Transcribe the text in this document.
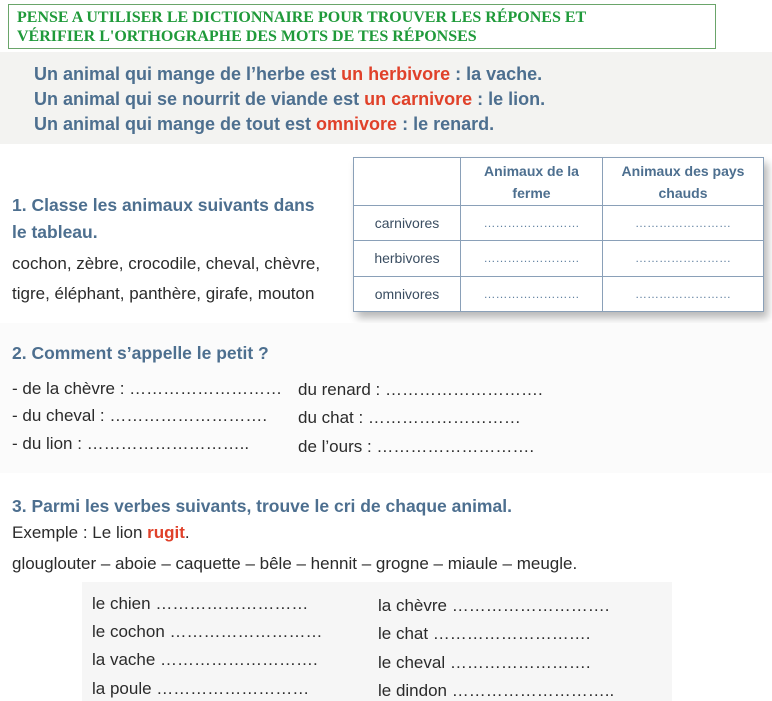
PENSE A UTILISER LE DICTIONNAIRE POUR TROUVER LES RÉPONES ET
VÉRIFIER L'ORTHOGRAPHE DES MOTS DE TES RÉPONSES

Un animal qui mange de l’herbe est un herbivore : la vache.

Un animal qui se nourrit de viande est un carnivore : le lion.

Un animal qui mange de tout est omnivore : le renard.

1. Classe les animaux suivants dans
le tableau.
cochon, zèbre, crocodile, cheval, chèvre,
tigre, éléphant, panthère, girafe, mouton
	Animaux de la
ferme	Animaux des pays
chauds
carnivores	……………………	……………………
herbivores	……………………	……………………
omnivores	……………………	……………………
2. Comment s’appelle le petit ?
- de la chèvre : ………………………
- du cheval : ……………………….
- du lion : ………………………..
du renard : ……………………….
du chat : ………………………
de l’ours : ……………………….
3. Parmi les verbes suivants, trouve le cri de chaque animal.
Exemple : Le lion rugit.
glouglouter – aboie – caquette – bêle – hennit – grogne – miaule – meugle.
le chien ………………………
le cochon ………………………
la vache ……………………….
la poule ………………………
la chèvre ……………………….
le chat ……………………….
le cheval …………………….
le dindon ………………………..
